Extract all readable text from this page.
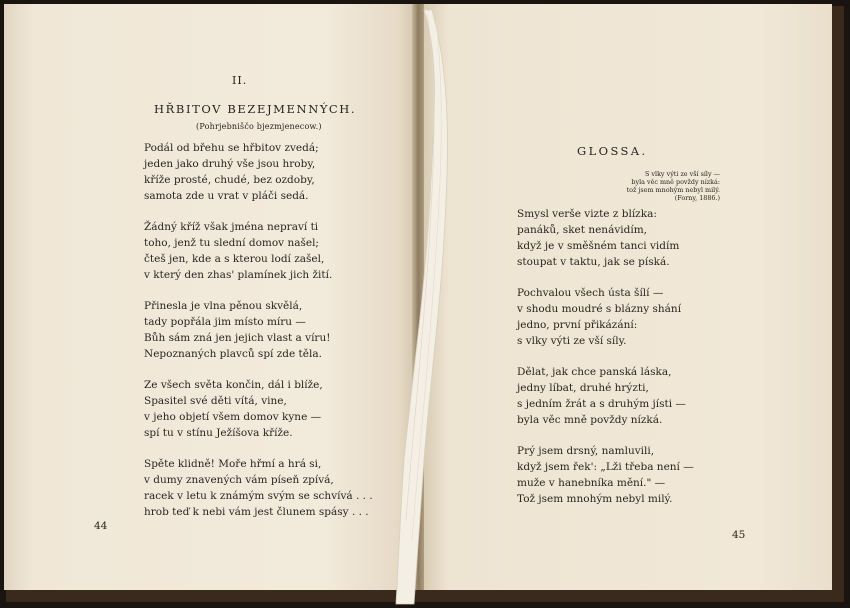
II.
HŘBITOV BEZEJMENNÝCH.
(Pohrjebniščo bjezmjenecow.)
Podál od břehu se hřbitov zvedá;
jeden jako druhý vše jsou hroby,
kříže prosté, chudé, bez ozdoby,
samota zde u vrat v pláči sedá.
Žádný kříž však jména nepraví ti
toho, jenž tu slední domov našel;
čteš jen, kde a s kterou lodí zašel,
v který den zhas' plamínek jich žití.
Přinesla je vlna pěnou skvělá,
tady popřála jim místo míru —
Bůh sám zná jen jejich vlast a víru!
Nepoznaných plavců spí zde těla.
Ze všech světa končin, dál i blíže,
Spasitel své děti vítá, vine,
v jeho objetí všem domov kyne —
spí tu v stínu Ježíšova kříže.
Spěte klidně! Moře hřmí a hrá si,
v dumy znavených vám píseň zpívá,
racek v letu k známým svým se schvívá . . .
hrob teď k nebi vám jest člunem spásy . . .
44
GLOSSA.
S vlky výti ze vší síly —
byla věc mně povždy nízká:
tož jsem mnohým nebyl milý.
(Forny, 1886.)
Smysl verše vizte z blízka:
panáků, sket nenávidím,
když je v směšném tanci vidím
stoupat v taktu, jak se píská.
Pochvalou všech ústa šílí —
v shodu moudré s blázny shání
jedno, první přikázání:
s vlky výti ze vší síly.
Dělat, jak chce panská láska,
jedny líbat, druhé hrýzti,
s jedním žrát a s druhým jísti —
byla věc mně povždy nízká.
Prý jsem drsný, namluvili,
když jsem řek': „Lži třeba není —
muže v hanebníka mění." —
Tož jsem mnohým nebyl milý.
45
